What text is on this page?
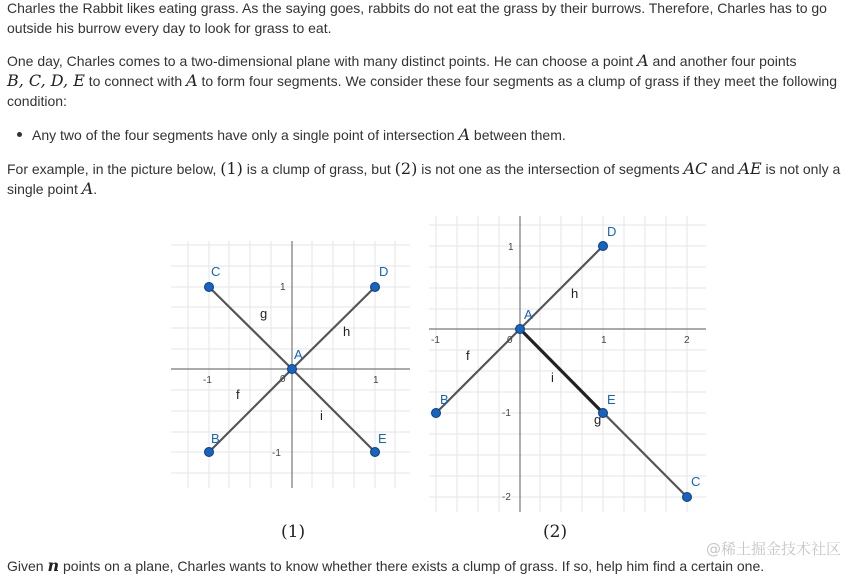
Charles the Rabbit likes eating grass. As the saying goes, rabbits do not eat the grass by their burrows. Therefore, Charles has to go

outside his burrow every day to look for grass to eat.

One day, Charles comes to a two-dimensional plane with many distinct points. He can choose a point A and another four points

B, C, D, E to connect with A to form four segments. We consider these four segments as a clump of grass if they meet the following

condition:

Any two of the four segments have only a single point of intersection A between them.

For example, in the picture below, (1) is a clump of grass, but (2) is not one as the intersection of segments AC and AE is not only a

single point A.

0
-1	1
1
-1
C	D
B	E
A
g
h
f
i
(1)
0
-1	1	2
1
-1
-2
D
B	E
C
A
h
f
i
g
(2)

Given n points on a plane, Charles wants to know whether there exists a clump of grass. If so, help him find a certain one.

@稀土掘金技术社区
